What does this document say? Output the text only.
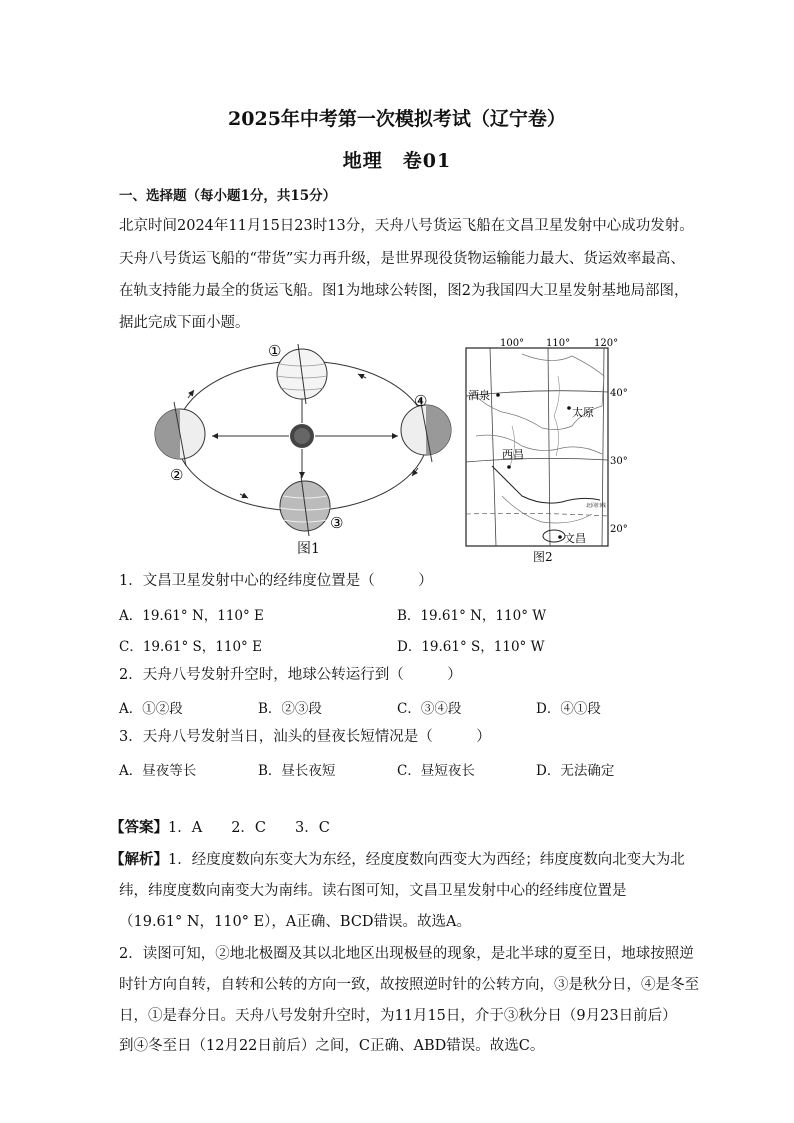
2025年中考第一次模拟考试（辽宁卷）
地理　卷01
一、选择题（每小题1分，共15分）
北京时间2024年11月15日23时13分，天舟八号货运飞船在文昌卫星发射中心成功发射。
天舟八号货运飞船的“带货”实力再升级，是世界现役货物运输能力最大、货运效率最高、
在轨支持能力最全的货运飞船。图1为地球公转图，图2为我国四大卫星发射基地局部图，
据此完成下面小题。
①
②
③
④
图1
100° 110° 120°
40°
30°
20°
酒泉
太原
西昌
文昌
北回归线
图2
1．文昌卫星发射中心的经纬度位置是（　　　）
A．19.61° N，110° E	B．19.61° N，110° W
C．19.61° S，110° E	D．19.61° S，110° W
2．天舟八号发射升空时，地球公转运行到（　　　）
A．①②段	B．②③段	C．③④段	D．④①段
3．天舟八号发射当日，汕头的昼夜长短情况是（　　　）
A．昼夜等长	B．昼长夜短	C．昼短夜长	D．无法确定
【答案】1．A　　2．C　　3．C
【解析】1．经度度数向东变大为东经，经度度数向西变大为西经；纬度度数向北变大为北
纬，纬度度数向南变大为南纬。读右图可知，文昌卫星发射中心的经纬度位置是
（19.61° N，110° E），A正确、BCD错误。故选A。
2．读图可知，②地北极圈及其以北地区出现极昼的现象，是北半球的夏至日，地球按照逆
时针方向自转，自转和公转的方向一致，故按照逆时针的公转方向，③是秋分日，④是冬至
日，①是春分日。天舟八号发射升空时，为11月15日，介于③秋分日（9月23日前后）
到④冬至日（12月22日前后）之间，C正确、ABD错误。故选C。
